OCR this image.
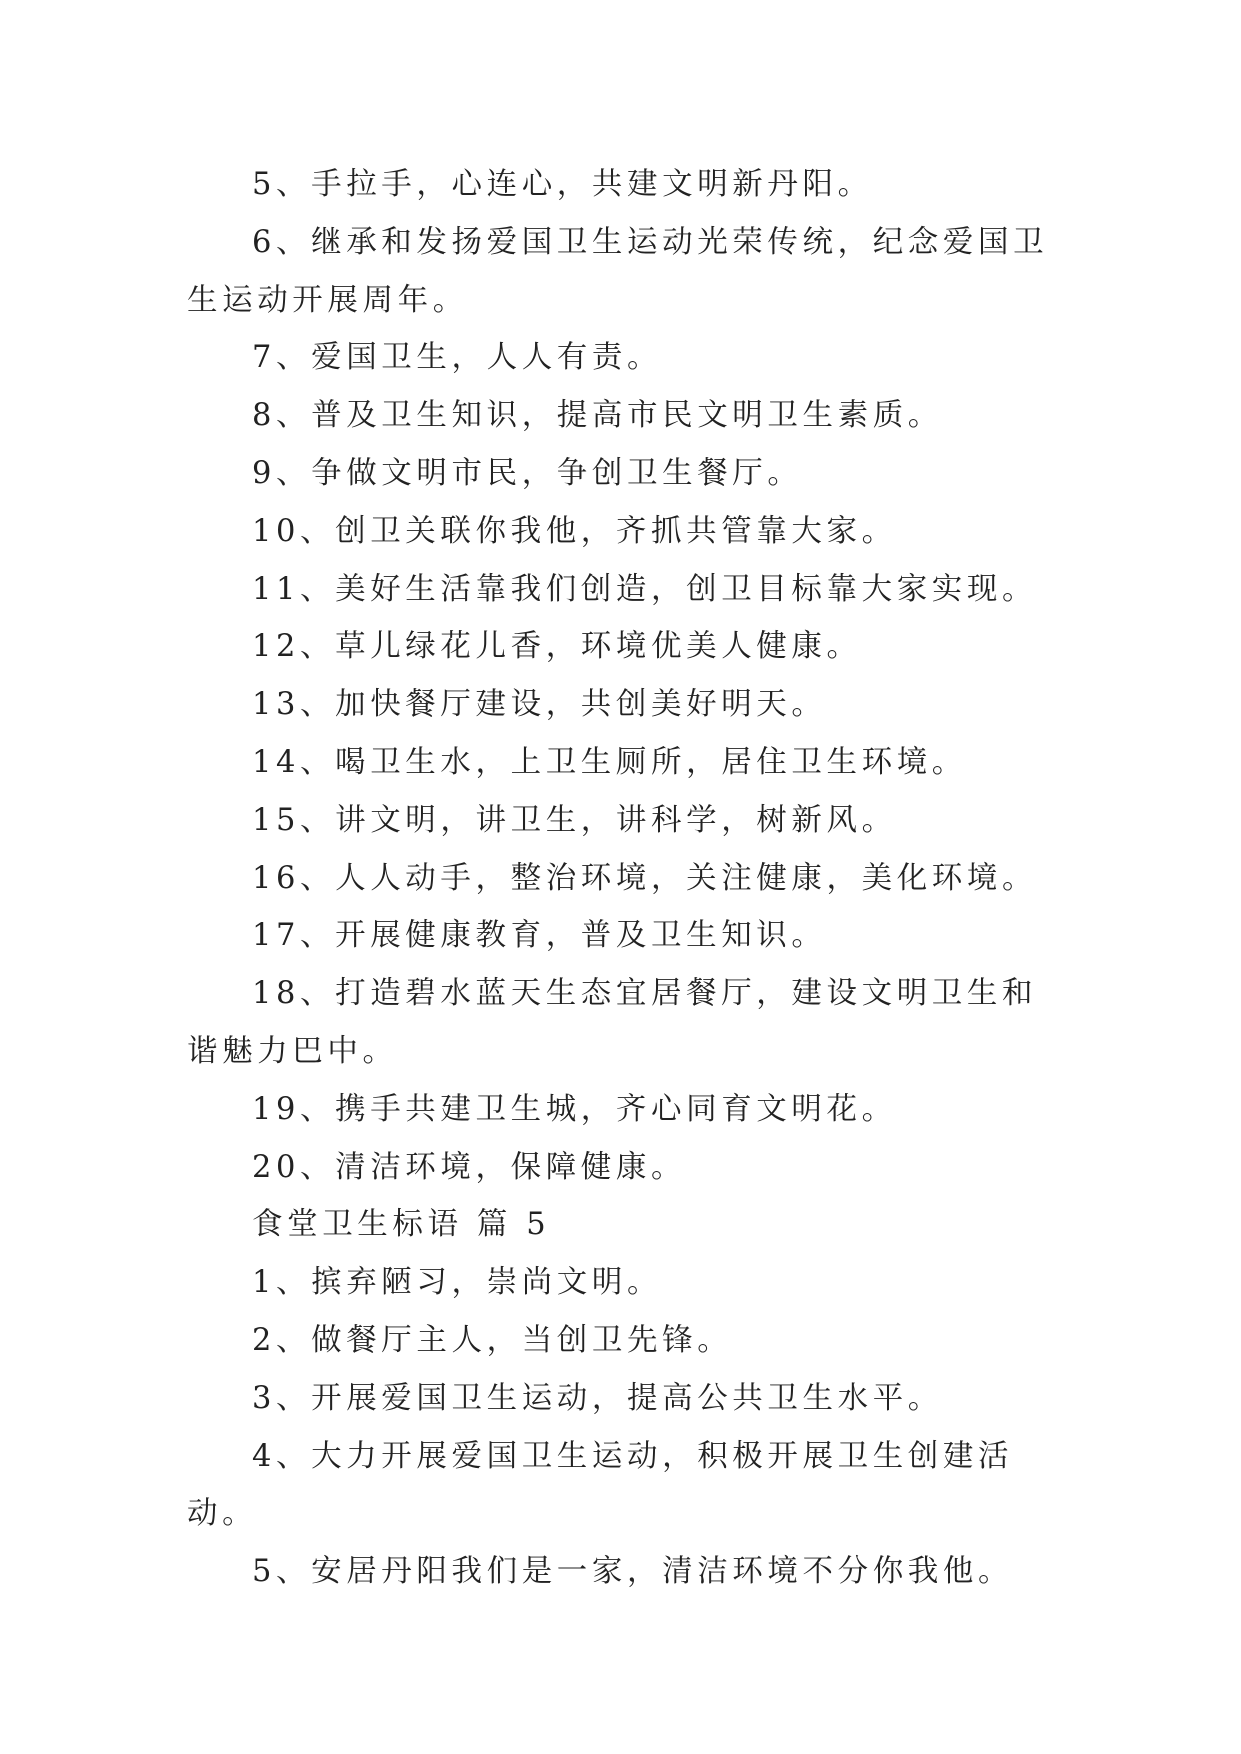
5、手拉手，心连心，共建文明新丹阳。

6、继承和发扬爱国卫生运动光荣传统，纪念爱国卫生运动开展周年。

7、爱国卫生，人人有责。

8、普及卫生知识，提高市民文明卫生素质。

9、争做文明市民，争创卫生餐厅。

10、创卫关联你我他，齐抓共管靠大家。

11、美好生活靠我们创造，创卫目标靠大家实现。

12、草儿绿花儿香，环境优美人健康。

13、加快餐厅建设，共创美好明天。

14、喝卫生水，上卫生厕所，居住卫生环境。

15、讲文明，讲卫生，讲科学，树新风。

16、人人动手，整治环境，关注健康，美化环境。

17、开展健康教育，普及卫生知识。

18、打造碧水蓝天生态宜居餐厅，建设文明卫生和谐魅力巴中。

19、携手共建卫生城，齐心同育文明花。

20、清洁环境，保障健康。

食堂卫生标语 篇 5

1、摈弃陋习，崇尚文明。

2、做餐厅主人，当创卫先锋。

3、开展爱国卫生运动，提高公共卫生水平。

4、大力开展爱国卫生运动，积极开展卫生创建活动。

5、安居丹阳我们是一家，清洁环境不分你我他。
